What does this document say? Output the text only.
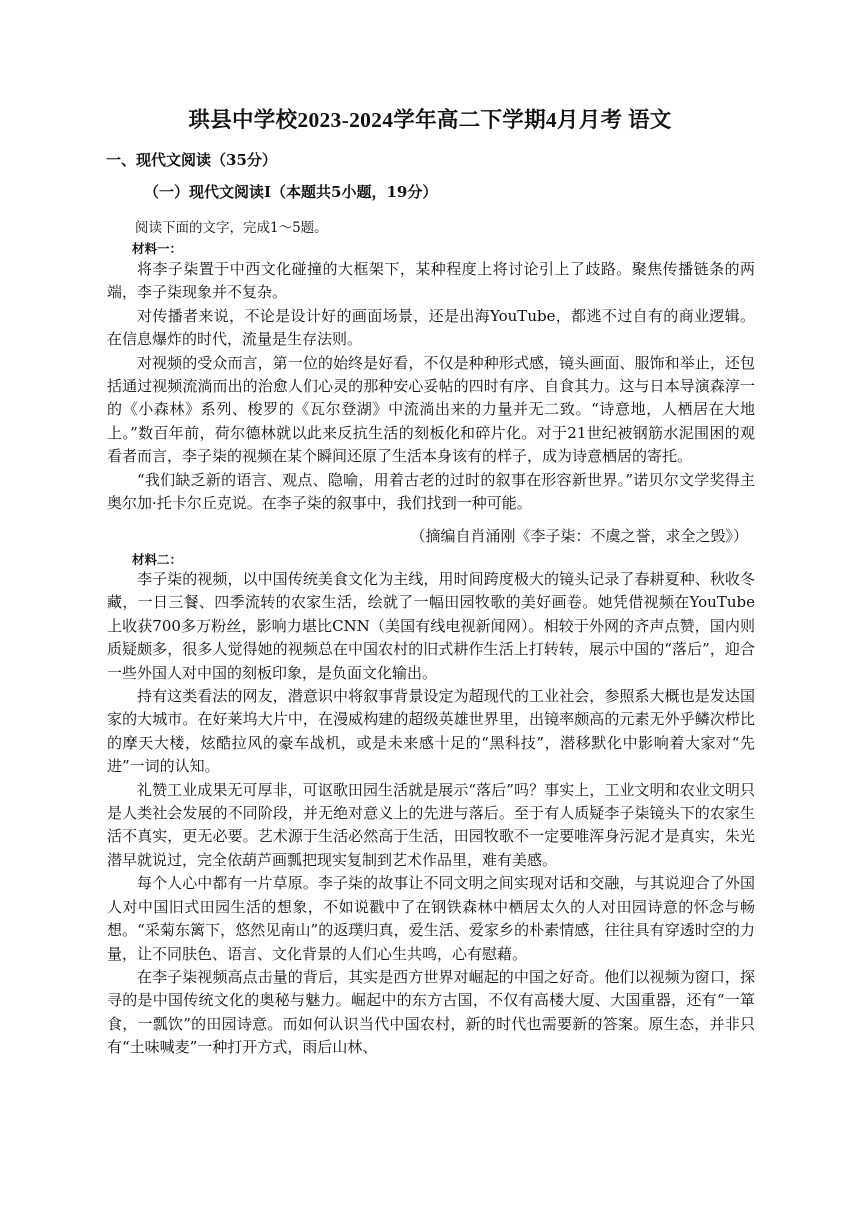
珙县中学校2023-2024学年高二下学期4月月考 语文
一、现代文阅读（35分）
（一）现代文阅读Ⅰ（本题共5小题，19分）
阅读下面的文字，完成1～5题。
材料一：

将李子柒置于中西文化碰撞的大框架下，某种程度上将讨论引上了歧路。聚焦传播链条的两端，李子柒现象并不复杂。

对传播者来说，不论是设计好的画面场景，还是出海YouTube，都逃不过自有的商业逻辑。在信息爆炸的时代，流量是生存法则。

对视频的受众而言，第一位的始终是好看，不仅是种种形式感，镜头画面、服饰和举止，还包括通过视频流淌而出的治愈人们心灵的那种安心妥帖的四时有序、自食其力。这与日本导演森淳一的《小森林》系列、梭罗的《瓦尔登湖》中流淌出来的力量并无二致。“诗意地，人栖居在大地上。”数百年前，荷尔德林就以此来反抗生活的刻板化和碎片化。对于21世纪被钢筋水泥围困的观看者而言，李子柒的视频在某个瞬间还原了生活本身该有的样子，成为诗意栖居的寄托。

“我们缺乏新的语言、观点、隐喻，用着古老的过时的叙事在形容新世界。”诺贝尔文学奖得主奥尔加·托卡尔丘克说。在李子柒的叙事中，我们找到一种可能。

（摘编自肖涌刚《李子柒：不虞之誉，求全之毁》）
材料二：

李子柒的视频，以中国传统美食文化为主线，用时间跨度极大的镜头记录了春耕夏种、秋收冬藏，一日三餐、四季流转的农家生活，绘就了一幅田园牧歌的美好画卷。她凭借视频在YouTube上收获700多万粉丝，影响力堪比CNN（美国有线电视新闻网）。相较于外网的齐声点赞，国内则质疑颇多，很多人觉得她的视频总在中国农村的旧式耕作生活上打转转，展示中国的“落后”，迎合一些外国人对中国的刻板印象，是负面文化输出。

持有这类看法的网友，潜意识中将叙事背景设定为超现代的工业社会，参照系大概也是发达国家的大城市。在好莱坞大片中，在漫威构建的超级英雄世界里，出镜率颇高的元素无外乎鳞次栉比的摩天大楼，炫酷拉风的豪车战机，或是未来感十足的“黑科技”，潜移默化中影响着大家对“先进”一词的认知。

礼赞工业成果无可厚非，可讴歌田园生活就是展示“落后”吗？事实上，工业文明和农业文明只是人类社会发展的不同阶段，并无绝对意义上的先进与落后。至于有人质疑李子柒镜头下的农家生活不真实，更无必要。艺术源于生活必然高于生活，田园牧歌不一定要唯浑身污泥才是真实，朱光潜早就说过，完全依葫芦画瓢把现实复制到艺术作品里，难有美感。

每个人心中都有一片草原。李子柒的故事让不同文明之间实现对话和交融，与其说迎合了外国人对中国旧式田园生活的想象，不如说戳中了在钢铁森林中栖居太久的人对田园诗意的怀念与畅想。“采菊东篱下，悠然见南山”的返璞归真，爱生活、爱家乡的朴素情感，往往具有穿透时空的力量，让不同肤色、语言、文化背景的人们心生共鸣，心有慰藉。

在李子柒视频高点击量的背后，其实是西方世界对崛起的中国之好奇。他们以视频为窗口，探寻的是中国传统文化的奥秘与魅力。崛起中的东方古国，不仅有高楼大厦、大国重器，还有“一箪食，一瓢饮”的田园诗意。而如何认识当代中国农村，新的时代也需要新的答案。原生态，并非只有“土味喊麦”一种打开方式，雨后山林、
